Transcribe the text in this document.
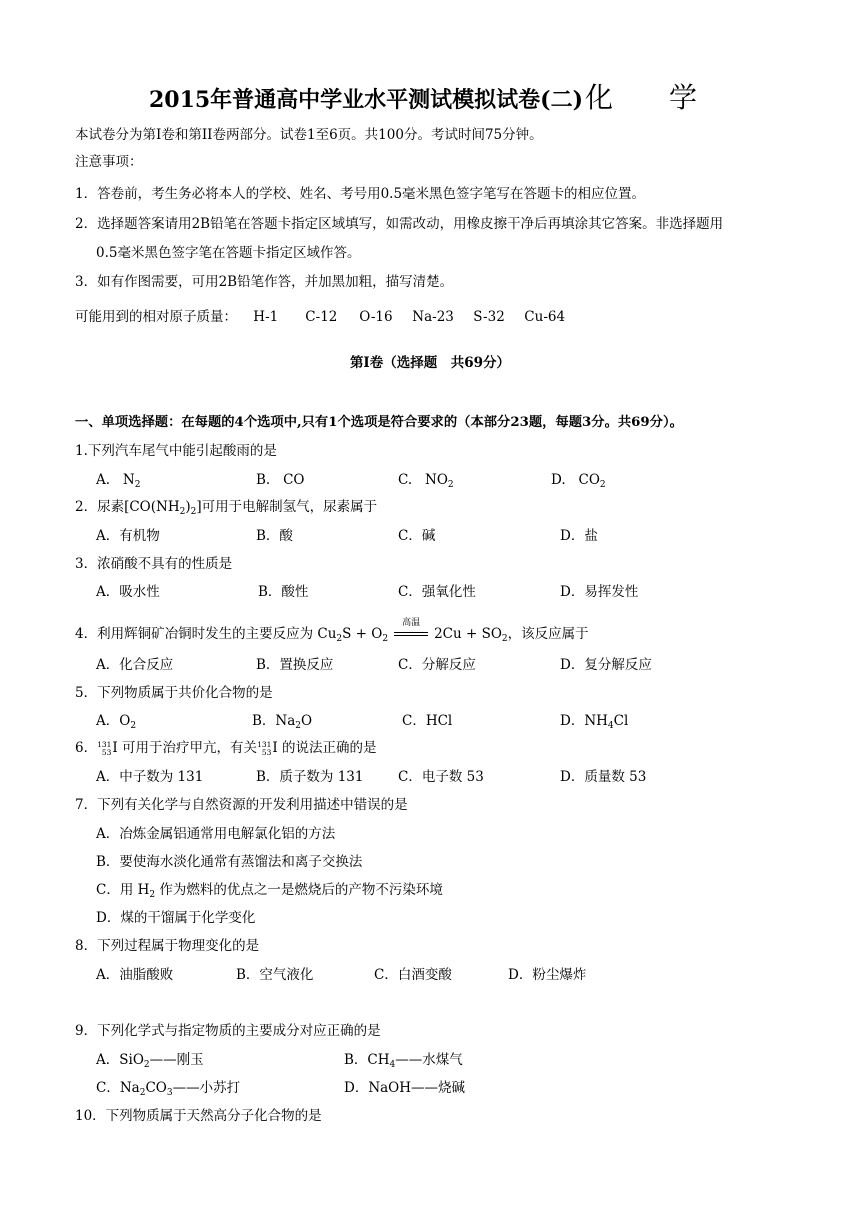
2015年普通高中学业水平测试模拟试卷(二)化　学
本试卷分为第I卷和第II卷两部分。试卷1至6页。共100分。考试时间75分钟。
注意事项：
1．答卷前，考生务必将本人的学校、姓名、考号用0.5毫米黑色签字笔写在答题卡的相应位置。
2．选择题答案请用2B铅笔在答题卡指定区域填写，如需改动，用橡皮擦干净后再填涂其它答案。非选择题用
0.5毫米黑色签字笔在答题卡指定区域作答。
3．如有作图需要，可用2B铅笔作答，并加黑加粗，描写清楚。
可能用到的相对原子质量： H-1 C-12 O-16 Na-23 S-32 Cu-64
第Ⅰ卷（选择题　共69分）
一、单项选择题：在每题的4个选项中,只有1个选项是符合要求的（本部分23题，每题3分。共69分）。
1.下列汽车尾气中能引起酸雨的是
A. $N_2$	B. CO	C. $NO_2$	D. $CO_2$
2．尿素$[CO(NH_2)_2]$可用于电解制氢气，尿素属于
A．有机物	B．酸	C．碱	D．盐
3．浓硝酸不具有的性质是
A．吸水性	B．酸性	C．强氧化性	D．易挥发性
4．利用辉铜矿冶铜时发生的主要反应为 $Cu_2S + O_2$
高温
$2Cu + SO_2$，该反应属于
A．化合反应	B．置换反应	C．分解反应	D．复分解反应
5．下列物质属于共价化合物的是
A．$O_2$	B．$Na_2O$	C．HCl	D．$NH_4Cl$
6．131
53I 可用于治疗甲亢，有关131
53I 的说法正确的是
A．中子数为 131	B．质子数为 131	C．电子数 53	D．质量数 53
7．下列有关化学与自然资源的开发利用描述中错误的是
A．冶炼金属铝通常用电解氯化铝的方法
B．要使海水淡化通常有蒸馏法和离子交换法
C．用 $H_2$ 作为燃料的优点之一是燃烧后的产物不污染环境
D．煤的干馏属于化学变化
8．下列过程属于物理变化的是
A．油脂酸败	B．空气液化	C．白酒变酸	D．粉尘爆炸
9．下列化学式与指定物质的主要成分对应正确的是
A．SiO$_2$——刚玉	B．$CH_4——$水煤气
C．$Na_2CO_3——$小苏打	D．NaOH——烧碱
10．下列物质属于天然高分子化合物的是
